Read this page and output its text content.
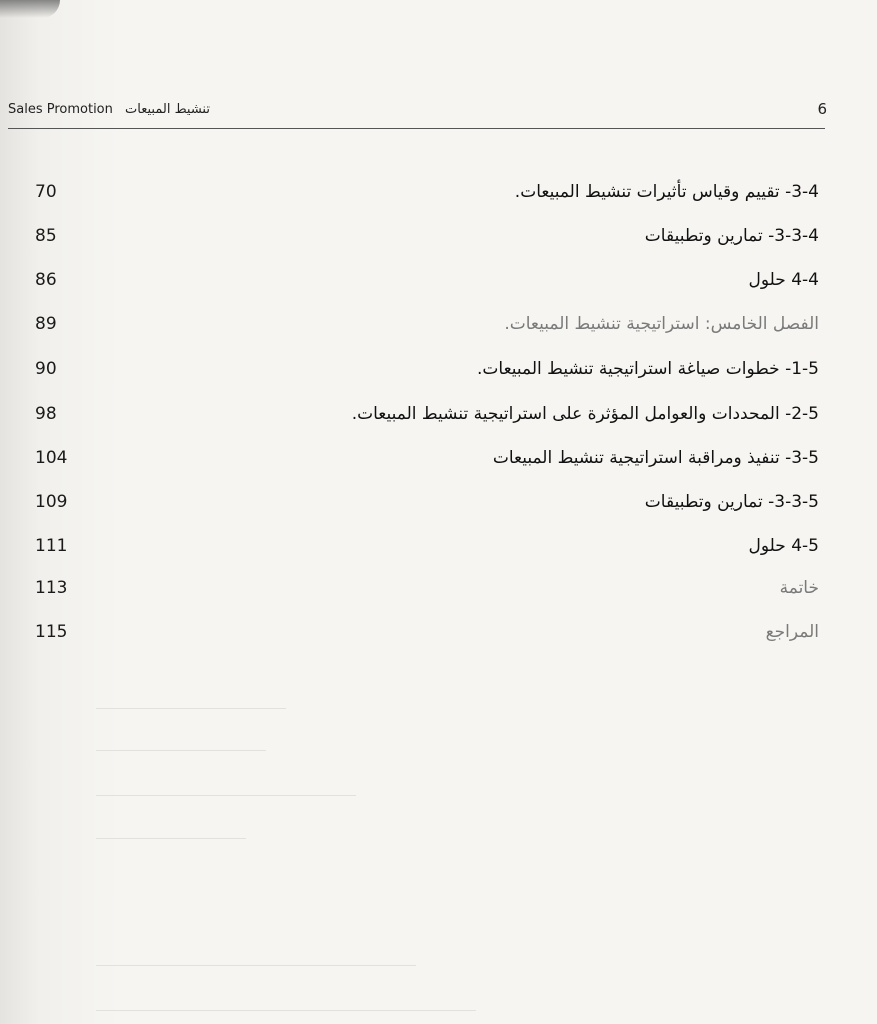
Sales Promotion تنشيط المبيعات	6
70	3-4- تقييم وقياس تأثيرات تنشيط المبيعات.
85	3-3-4- تمارين وتطبيقات
86	4-4 حلول
89	الفصل الخامس: استراتيجية تنشيط المبيعات.
90	1-5- خطوات صياغة استراتيجية تنشيط المبيعات.
98	2-5- المحددات والعوامل المؤثرة على استراتيجية تنشيط المبيعات.
104	3-5- تنفيذ ومراقبة استراتيجية تنشيط المبيعات
109	3-3-5- تمارين وتطبيقات
111	4-5 حلول
113	خاتمة
115	المراجع
